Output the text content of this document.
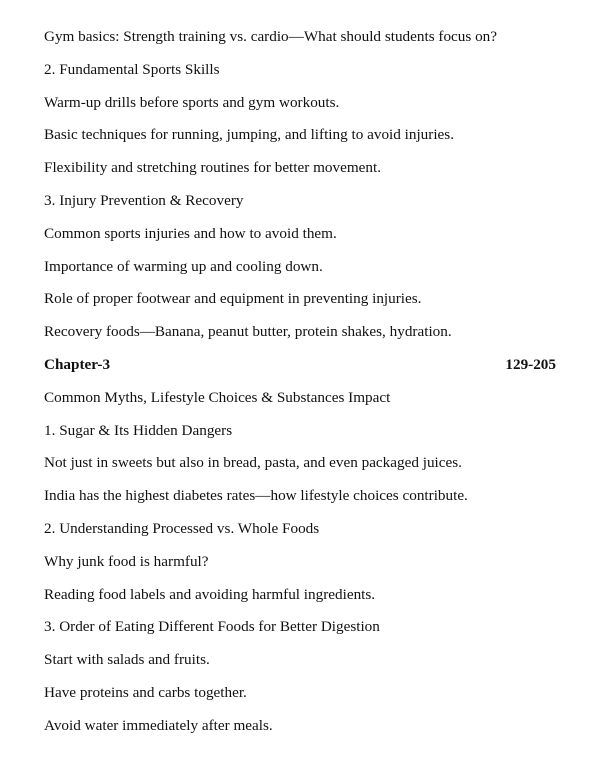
Gym basics: Strength training vs. cardio—What should students focus on?
2. Fundamental Sports Skills
Warm-up drills before sports and gym workouts.
Basic techniques for running, jumping, and lifting to avoid injuries.
Flexibility and stretching routines for better movement.
3. Injury Prevention & Recovery
Common sports injuries and how to avoid them.
Importance of warming up and cooling down.
Role of proper footwear and equipment in preventing injuries.
Recovery foods—Banana, peanut butter, protein shakes, hydration.
Chapter-3	129-205
Common Myths, Lifestyle Choices & Substances Impact
1. Sugar & Its Hidden Dangers
Not just in sweets but also in bread, pasta, and even packaged juices.
India has the highest diabetes rates—how lifestyle choices contribute.
2. Understanding Processed vs. Whole Foods
Why junk food is harmful?
Reading food labels and avoiding harmful ingredients.
3. Order of Eating Different Foods for Better Digestion
Start with salads and fruits.
Have proteins and carbs together.
Avoid water immediately after meals.
